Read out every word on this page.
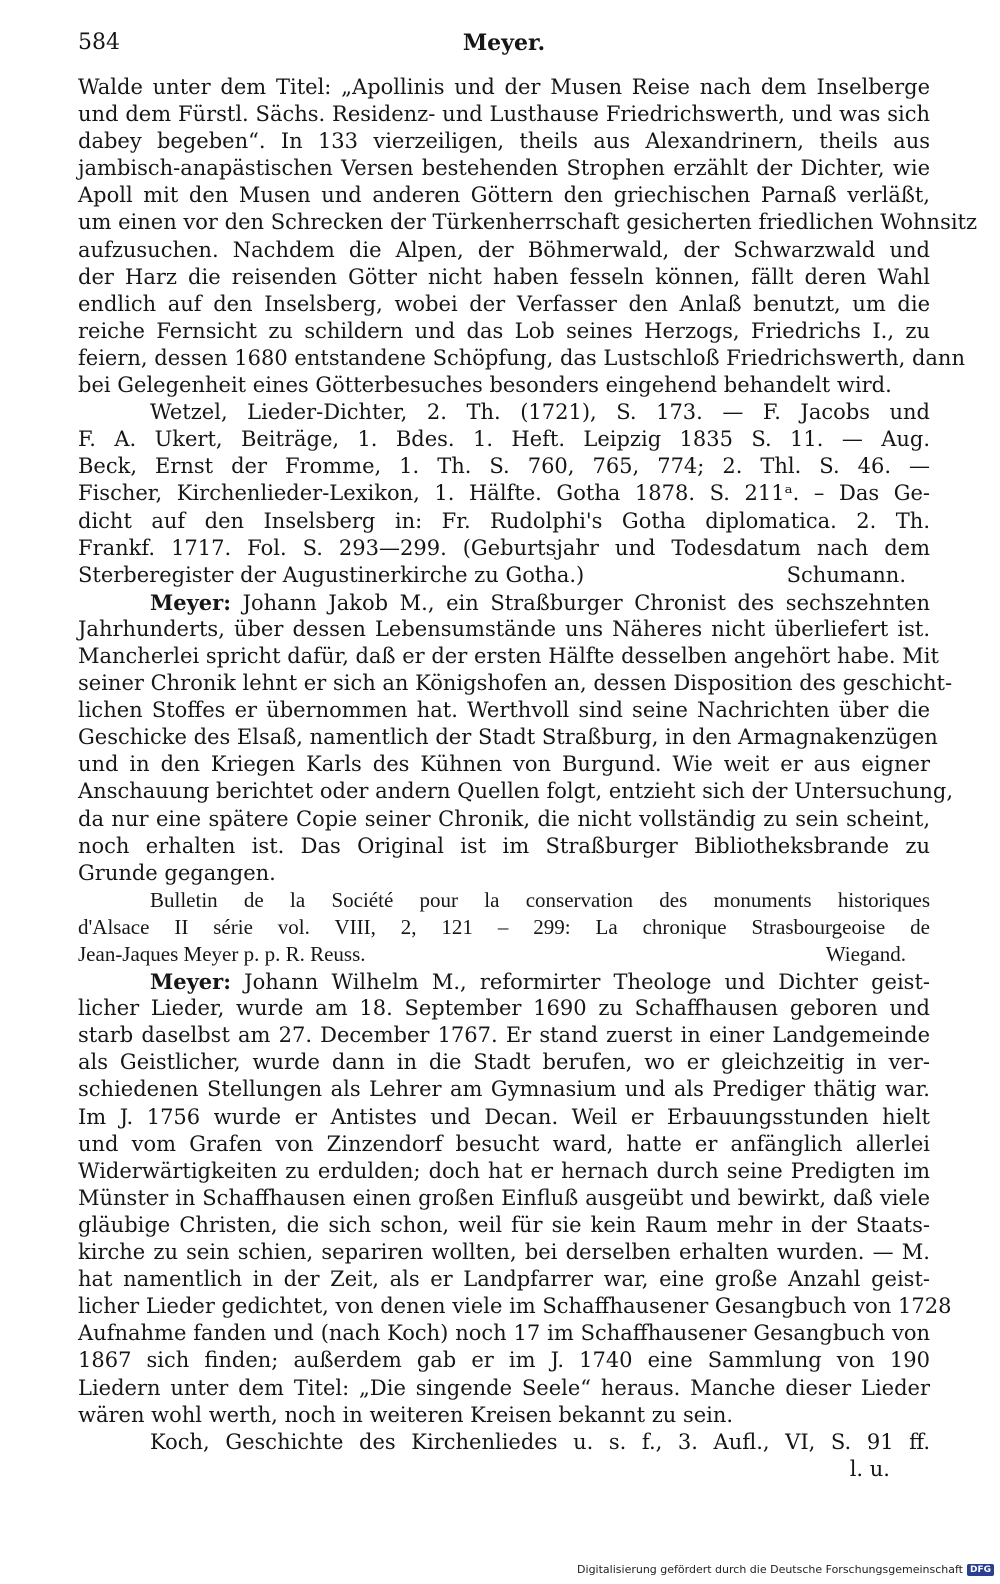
584	Meyer.
Walde unter dem Titel: „Apollinis und der Musen Reise nach dem Inselberge
und dem Fürstl. Sächs. Residenz- und Lusthause Friedrichswerth, und was sich
dabey begeben“. In 133 vierzeiligen, theils aus Alexandrinern, theils aus
jambisch-anapästischen Versen bestehenden Strophen erzählt der Dichter, wie
Apoll mit den Musen und anderen Göttern den griechischen Parnaß verläßt,
um einen vor den Schrecken der Türkenherrschaft gesicherten friedlichen Wohnsitz
aufzusuchen. Nachdem die Alpen, der Böhmerwald, der Schwarzwald und
der Harz die reisenden Götter nicht haben fesseln können, fällt deren Wahl
endlich auf den Inselsberg, wobei der Verfasser den Anlaß benutzt, um die
reiche Fernsicht zu schildern und das Lob seines Herzogs, Friedrichs I., zu
feiern, dessen 1680 entstandene Schöpfung, das Lustschloß Friedrichswerth, dann
bei Gelegenheit eines Götterbesuches besonders eingehend behandelt wird.
Wetzel, Lieder-Dichter, 2. Th. (1721), S. 173. — F. Jacobs und
F. A. Ukert, Beiträge, 1. Bdes. 1. Heft. Leipzig 1835 S. 11. — Aug.
Beck, Ernst der Fromme, 1. Th. S. 760, 765, 774; 2. Thl. S. 46. —
Fischer, Kirchenlieder-Lexikon, 1. Hälfte. Gotha 1878. S. 211ᵃ. – Das Ge-
dicht auf den Inselsberg in: Fr. Rudolphi's Gotha diplomatica. 2. Th.
Frankf. 1717. Fol. S. 293—299. (Geburtsjahr und Todesdatum nach dem
Sterberegister der Augustinerkirche zu Gotha.)	Schumann.
Meyer: Johann Jakob M., ein Straßburger Chronist des sechszehnten
Jahrhunderts, über dessen Lebensumstände uns Näheres nicht überliefert ist.
Mancherlei spricht dafür, daß er der ersten Hälfte desselben angehört habe. Mit
seiner Chronik lehnt er sich an Königshofen an, dessen Disposition des geschicht-
lichen Stoffes er übernommen hat. Werthvoll sind seine Nachrichten über die
Geschicke des Elsaß, namentlich der Stadt Straßburg, in den Armagnakenzügen
und in den Kriegen Karls des Kühnen von Burgund. Wie weit er aus eigner
Anschauung berichtet oder andern Quellen folgt, entzieht sich der Untersuchung,
da nur eine spätere Copie seiner Chronik, die nicht vollständig zu sein scheint,
noch erhalten ist. Das Original ist im Straßburger Bibliotheksbrande zu
Grunde gegangen.
Bulletin de la Société pour la conservation des monuments historiques
d'Alsace II série vol. VIII, 2, 121 – 299: La chronique Strasbourgeoise de
Jean-Jaques Meyer p. p. R. Reuss.	Wiegand.
Meyer: Johann Wilhelm M., reformirter Theologe und Dichter geist-
licher Lieder, wurde am 18. September 1690 zu Schaffhausen geboren und
starb daselbst am 27. December 1767. Er stand zuerst in einer Landgemeinde
als Geistlicher, wurde dann in die Stadt berufen, wo er gleichzeitig in ver-
schiedenen Stellungen als Lehrer am Gymnasium und als Prediger thätig war.
Im J. 1756 wurde er Antistes und Decan. Weil er Erbauungsstunden hielt
und vom Grafen von Zinzendorf besucht ward, hatte er anfänglich allerlei
Widerwärtigkeiten zu erdulden; doch hat er hernach durch seine Predigten im
Münster in Schaffhausen einen großen Einfluß ausgeübt und bewirkt, daß viele
gläubige Christen, die sich schon, weil für sie kein Raum mehr in der Staats-
kirche zu sein schien, separiren wollten, bei derselben erhalten wurden. — M.
hat namentlich in der Zeit, als er Landpfarrer war, eine große Anzahl geist-
licher Lieder gedichtet, von denen viele im Schaffhausener Gesangbuch von 1728
Aufnahme fanden und (nach Koch) noch 17 im Schaffhausener Gesangbuch von
1867 sich finden; außerdem gab er im J. 1740 eine Sammlung von 190
Liedern unter dem Titel: „Die singende Seele“ heraus. Manche dieser Lieder
wären wohl werth, noch in weiteren Kreisen bekannt zu sein.
Koch, Geschichte des Kirchenliedes u. s. f., 3. Aufl., VI, S. 91 ff.
l. u.
Digitalisierung gefördert durch die Deutsche Forschungsgemeinschaft DFG
